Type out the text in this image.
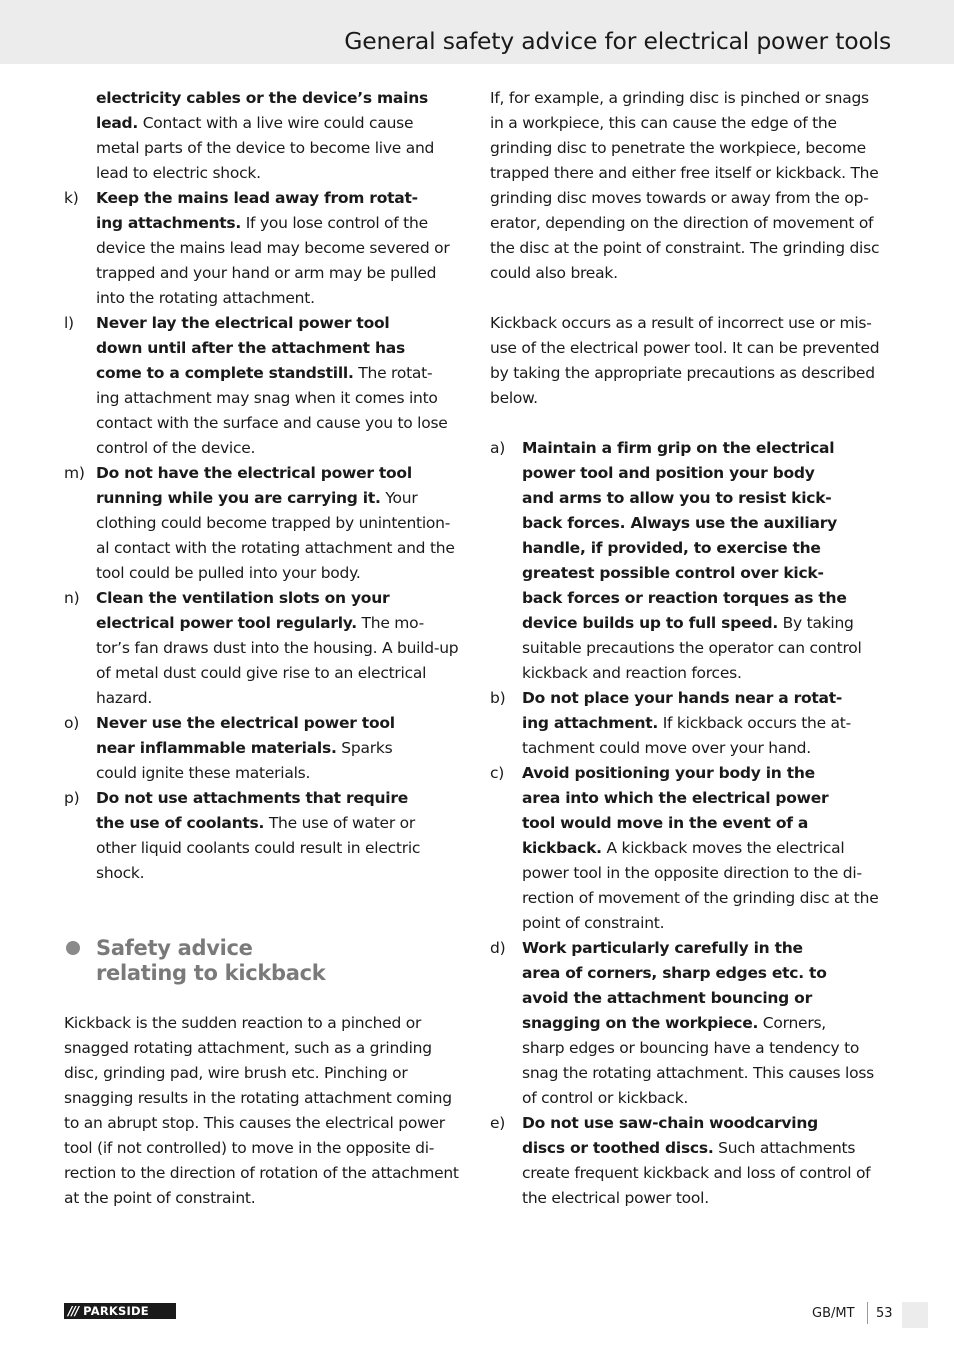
General safety advice for electrical power tools
electricity cables or the device’s mains
lead. Contact with a live wire could cause
metal parts of the device to become live and
lead to electric shock.
k) Keep the mains lead away from rotat-
ing attachments. If you lose control of the
device the mains lead may become severed or
trapped and your hand or arm may be pulled
into the rotating attachment.
l) Never lay the electrical power tool
down until after the attachment has
come to a complete standstill. The rotat-
ing attachment may snag when it comes into
contact with the surface and cause you to lose
control of the device.
m) Do not have the electrical power tool
running while you are carrying it. Your
clothing could become trapped by unintention-
al contact with the rotating attachment and the
tool could be pulled into your body.
n) Clean the ventilation slots on your
electrical power tool regularly. The mo-
tor’s fan draws dust into the housing. A build-up
of metal dust could give rise to an electrical
hazard.
o) Never use the electrical power tool
near inflammable materials. Sparks
could ignite these materials.
p) Do not use attachments that require
the use of coolants. The use of water or
other liquid coolants could result in electric shock.
Safety advice
relating to kickback
Kickback is the sudden reaction to a pinched or
snagged rotating attachment, such as a grinding
disc, grinding pad, wire brush etc. Pinching or
snagging results in the rotating attachment coming
to an abrupt stop. This causes the electrical power
tool (if not controlled) to move in the opposite di-
rection to the direction of rotation of the attachment
at the point of constraint.
If, for example, a grinding disc is pinched or snags
in a workpiece, this can cause the edge of the
grinding disc to penetrate the workpiece, become
trapped there and either free itself or kickback. The
grinding disc moves towards or away from the op-
erator, depending on the direction of movement of
the disc at the point of constraint. The grinding disc
could also break.
Kickback occurs as a result of incorrect use or mis-
use of the electrical power tool. It can be prevented
by taking the appropriate precautions as described
below.
a) Maintain a firm grip on the electrical
power tool and position your body
and arms to allow you to resist kick-
back forces. Always use the auxiliary
handle, if provided, to exercise the
greatest possible control over kick-
back forces or reaction torques as the
device builds up to full speed. By taking
suitable precautions the operator can control
kickback and reaction forces.
b) Do not place your hands near a rotat-
ing attachment. If kickback occurs the at-
tachment could move over your hand.
c) Avoid positioning your body in the
area into which the electrical power
tool would move in the event of a
kickback. A kickback moves the electrical
power tool in the opposite direction to the di-
rection of movement of the grinding disc at the
point of constraint.
d) Work particularly carefully in the
area of corners, sharp edges etc. to
avoid the attachment bouncing or
snagging on the workpiece. Corners,
sharp edges or bouncing have a tendency to
snag the rotating attachment. This causes loss
of control or kickback.
e) Do not use saw-chain woodcarving
discs or toothed discs. Such attachments
create frequent kickback and loss of control of
the electrical power tool.
/// PARKSIDE	GB/MT 53
